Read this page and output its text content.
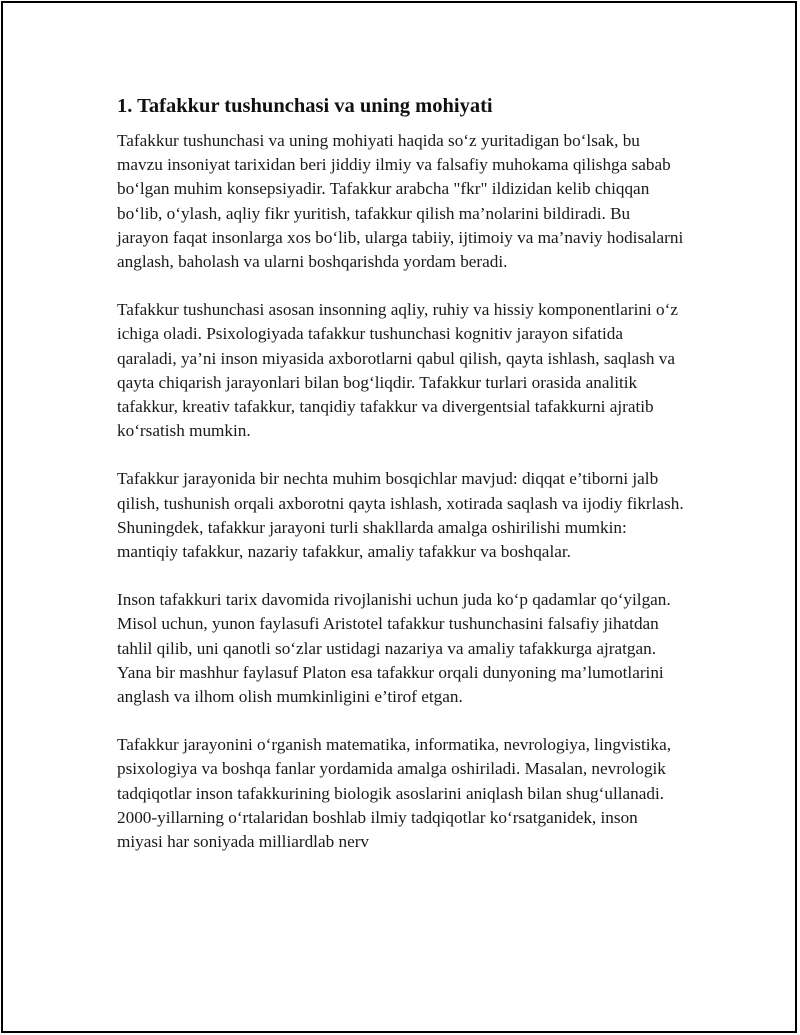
1. Tafakkur tushunchasi va uning mohiyati

Tafakkur tushunchasi va uning mohiyati haqida so‘z yuritadigan bo‘lsak, bu mavzu insoniyat tarixidan beri jiddiy ilmiy va falsafiy muhokama qilishga sabab bo‘lgan muhim konsepsiyadir. Tafakkur arabcha "fkr" ildizidan kelib chiqqan bo‘lib, o‘ylash, aqliy fikr yuritish, tafakkur qilish ma’nolarini bildiradi. Bu jarayon faqat insonlarga xos bo‘lib, ularga tabiiy, ijtimoiy va ma’naviy hodisalarni anglash, baholash va ularni boshqarishda yordam beradi.

Tafakkur tushunchasi asosan insonning aqliy, ruhiy va hissiy komponentlarini o‘z ichiga oladi. Psixologiyada tafakkur tushunchasi kognitiv jarayon sifatida qaraladi, ya’ni inson miyasida axborotlarni qabul qilish, qayta ishlash, saqlash va qayta chiqarish jarayonlari bilan bog‘liqdir. Tafakkur turlari orasida analitik tafakkur, kreativ tafakkur, tanqidiy tafakkur va divergentsial tafakkurni ajratib ko‘rsatish mumkin.

Tafakkur jarayonida bir nechta muhim bosqichlar mavjud: diqqat e’tiborni jalb qilish, tushunish orqali axborotni qayta ishlash, xotirada saqlash va ijodiy fikrlash. Shuningdek, tafakkur jarayoni turli shakllarda amalga oshirilishi mumkin: mantiqiy tafakkur, nazariy tafakkur, amaliy tafakkur va boshqalar.

Inson tafakkuri tarix davomida rivojlanishi uchun juda ko‘p qadamlar qo‘yilgan. Misol uchun, yunon faylasufi Aristotel tafakkur tushunchasini falsafiy jihatdan tahlil qilib, uni qanotli so‘zlar ustidagi nazariya va amaliy tafakkurga ajratgan. Yana bir mashhur faylasuf Platon esa tafakkur orqali dunyoning ma’lumotlarini anglash va ilhom olish mumkinligini e’tirof etgan.

Tafakkur jarayonini o‘rganish matematika, informatika, nevrologiya, lingvistika, psixologiya va boshqa fanlar yordamida amalga oshiriladi. Masalan, nevrologik tadqiqotlar inson tafakkurining biologik asoslarini aniqlash bilan shug‘ullanadi. 2000-yillarning o‘rtalaridan boshlab ilmiy tadqiqotlar ko‘rsatganidek, inson miyasi har soniyada milliardlab nerv
